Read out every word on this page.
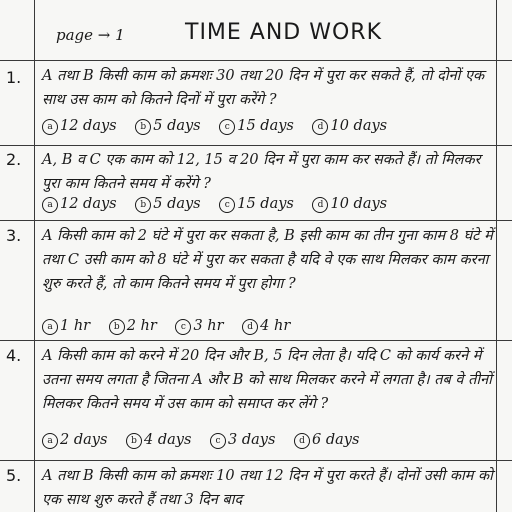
page → 1	TIME AND WORK
1. A तथा B किसी काम को क्रमशः 30 तथा 20 दिन में पुरा कर सकते हैं, तो दोनों एक साथ उस काम को कितने दिनों में पुरा करेंगे ?
a 12 days	b 5 days	c 15 days	d 10 days
2. A, B व C एक काम को 12, 15 व 20 दिन में पुरा काम कर सकते हैं। तो मिलकर पुरा काम कितने समय में करेंगे ?
a 12 days	b 5 days	c 15 days	d 10 days
3. A किसी काम को 2 घंटे में पुरा कर सकता है, B इसी काम का तीन गुना काम 8 घंटे में तथा C उसी काम को 8 घंटे में पुरा कर सकता है यदि वे एक साथ मिलकर काम करना शुरु करते हैं, तो काम कितने समय में पुरा होगा ?
a 1 hr	b 2 hr	c 3 hr	d 4 hr
4. A किसी काम को करने में 20 दिन और B, 5 दिन लेता है। यदि C को कार्य करने में उतना समय लगता है जितना A और B को साथ मिलकर करने में लगता है। तब वे तीनों मिलकर कितने समय में उस काम को समाप्त कर लेंगे ?
a 2 days	b 4 days	c 3 days	d 6 days
5. A तथा B किसी काम को क्रमशः 10 तथा 12 दिन में पुरा करते हैं। दोनों उसी काम को एक साथ शुरु करते हैं तथा 3 दिन बाद
